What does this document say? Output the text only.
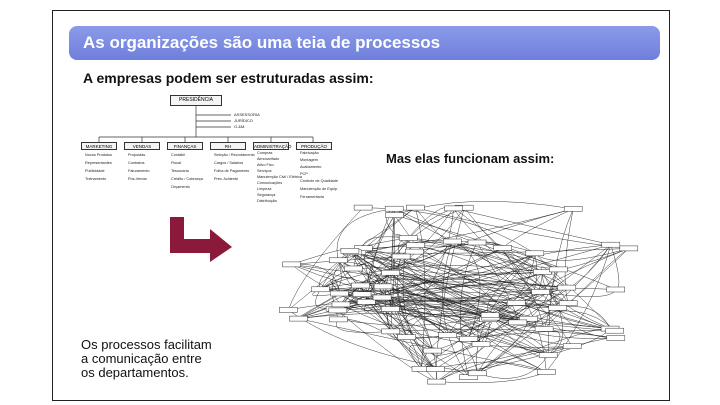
As organizações são uma teia de processos
A empresas podem ser estruturadas assim:
PRESIDÊNCIA
ASSESSORIA
JURÍDICO
O.&M.
MARKETING	VENDAS	FINANÇAS	RH	ADMINISTRAÇÃO	PRODUÇÃO
Novos Produtos
Representantes
Publicidade
Treinamento
Propostas
Contratos
Faturamento
Pós-Venda
Contábil
Fiscal
Tesouraria
Crédito / Cobrança
Orçamento
Seleção / Recrutamento
Cargos / Salários
Folha de Pagamento
Prev. Acidente
Compras
Almoxarifado
Ativo Fixo
Serviços
Manutenção Civil / Elétrica
Comunicações
Limpeza
Segurança
Distribuição
Fabricação
Montagem
Acabamento
PCP
Controle de Qualidade
Manutenção de Equip.
Ferramentaria
Mas elas funcionam assim:
Os processos facilitam
a comunicação entre
os departamentos.
